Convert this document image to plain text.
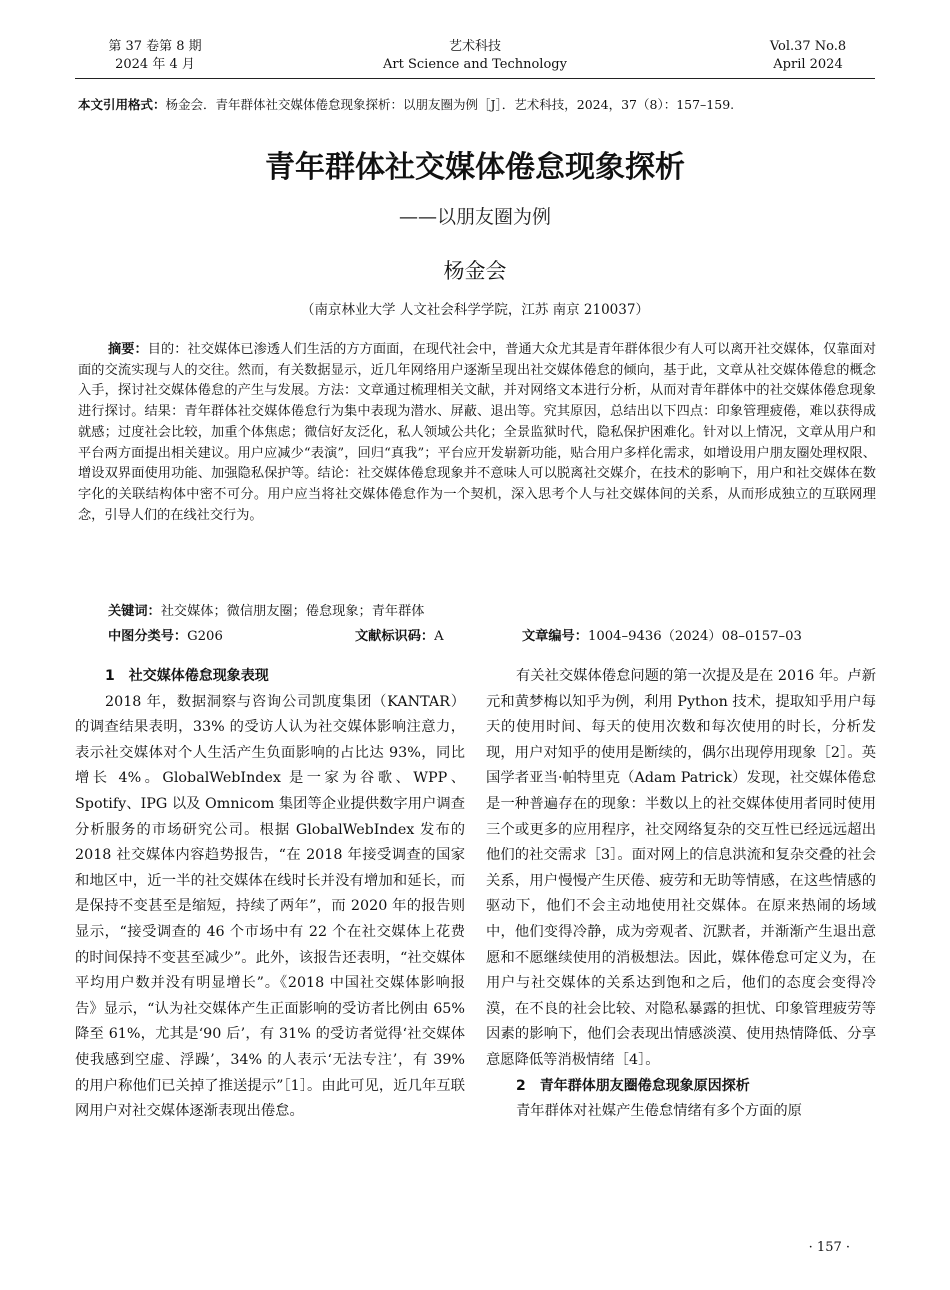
第 37 卷第 8 期
2024 年 4 月
艺术科技
Art Science and Technology
Vol.37 No.8
April 2024
本文引用格式：杨金会．青年群体社交媒体倦怠现象探析：以朋友圈为例［J］．艺术科技，2024，37（8）：157–159.
青年群体社交媒体倦怠现象探析
——以朋友圈为例
杨金会
（南京林业大学 人文社会科学学院，江苏 南京 210037）
摘要：目的：社交媒体已渗透人们生活的方方面面，在现代社会中，普通大众尤其是青年群体很少有人可以离开社交媒体，仅靠面对面的交流实现与人的交往。然而，有关数据显示，近几年网络用户逐渐呈现出社交媒体倦怠的倾向，基于此，文章从社交媒体倦怠的概念入手，探讨社交媒体倦怠的产生与发展。方法：文章通过梳理相关文献，并对网络文本进行分析，从而对青年群体中的社交媒体倦怠现象进行探讨。结果：青年群体社交媒体倦怠行为集中表现为潜水、屏蔽、退出等。究其原因，总结出以下四点：印象管理疲倦，难以获得成就感；过度社会比较，加重个体焦虑；微信好友泛化，私人领域公共化；全景监狱时代，隐私保护困难化。针对以上情况，文章从用户和平台两方面提出相关建议。用户应减少“表演”，回归“真我”；平台应开发崭新功能，贴合用户多样化需求，如增设用户朋友圈处理权限、增设双界面使用功能、加强隐私保护等。结论：社交媒体倦怠现象并不意味人可以脱离社交媒介，在技术的影响下，用户和社交媒体在数字化的关联结构体中密不可分。用户应当将社交媒体倦怠作为一个契机，深入思考个人与社交媒体间的关系，从而形成独立的互联网理念，引导人们的在线社交行为。
关键词：社交媒体；微信朋友圈；倦怠现象；青年群体
中图分类号：G206	文献标识码：A	文章编号：1004–9436（2024）08–0157–03
1　社交媒体倦怠现象表现

2018 年，数据洞察与咨询公司凯度集团（KANTAR）的调查结果表明，33% 的受访人认为社交媒体影响注意力，表示社交媒体对个人生活产生负面影响的占比达 93%，同比增长 4%。GlobalWebIndex 是一家为谷歌、WPP、Spotify、IPG 以及 Omnicom 集团等企业提供数字用户调查分析服务的市场研究公司。根据 GlobalWebIndex 发布的 2018 社交媒体内容趋势报告，“在 2018 年接受调查的国家和地区中，近一半的社交媒体在线时长并没有增加和延长，而是保持不变甚至是缩短，持续了两年”，而 2020 年的报告则显示，“接受调查的 46 个市场中有 22 个在社交媒体上花费的时间保持不变甚至减少”。此外，该报告还表明，“社交媒体平均用户数并没有明显增长”。《2018 中国社交媒体影响报告》显示，“认为社交媒体产生正面影响的受访者比例由 65% 降至 61%，尤其是‘90 后’，有 31% 的受访者觉得‘社交媒体使我感到空虚、浮躁’，34% 的人表示‘无法专注’，有 39% 的用户称他们已关掉了推送提示”［1］。由此可见，近几年互联网用户对社交媒体逐渐表现出倦怠。

有关社交媒体倦怠问题的第一次提及是在 2016 年。卢新元和黄梦梅以知乎为例，利用 Python 技术，提取知乎用户每天的使用时间、每天的使用次数和每次使用的时长，分析发现，用户对知乎的使用是断续的，偶尔出现停用现象［2］。英国学者亚当·帕特里克（Adam Patrick）发现，社交媒体倦怠是一种普遍存在的现象：半数以上的社交媒体使用者同时使用三个或更多的应用程序，社交网络复杂的交互性已经远远超出他们的社交需求［3］。面对网上的信息洪流和复杂交叠的社会关系，用户慢慢产生厌倦、疲劳和无助等情感，在这些情感的驱动下，他们不会主动地使用社交媒体。在原来热闹的场域中，他们变得冷静，成为旁观者、沉默者，并渐渐产生退出意愿和不愿继续使用的消极想法。因此，媒体倦怠可定义为，在用户与社交媒体的关系达到饱和之后，他们的态度会变得冷漠，在不良的社会比较、对隐私暴露的担忧、印象管理疲劳等因素的影响下，他们会表现出情感淡漠、使用热情降低、分享意愿降低等消极情绪［4］。

2　青年群体朋友圈倦怠现象原因探析

青年群体对社媒产生倦怠情绪有多个方面的原

· 157 ·
